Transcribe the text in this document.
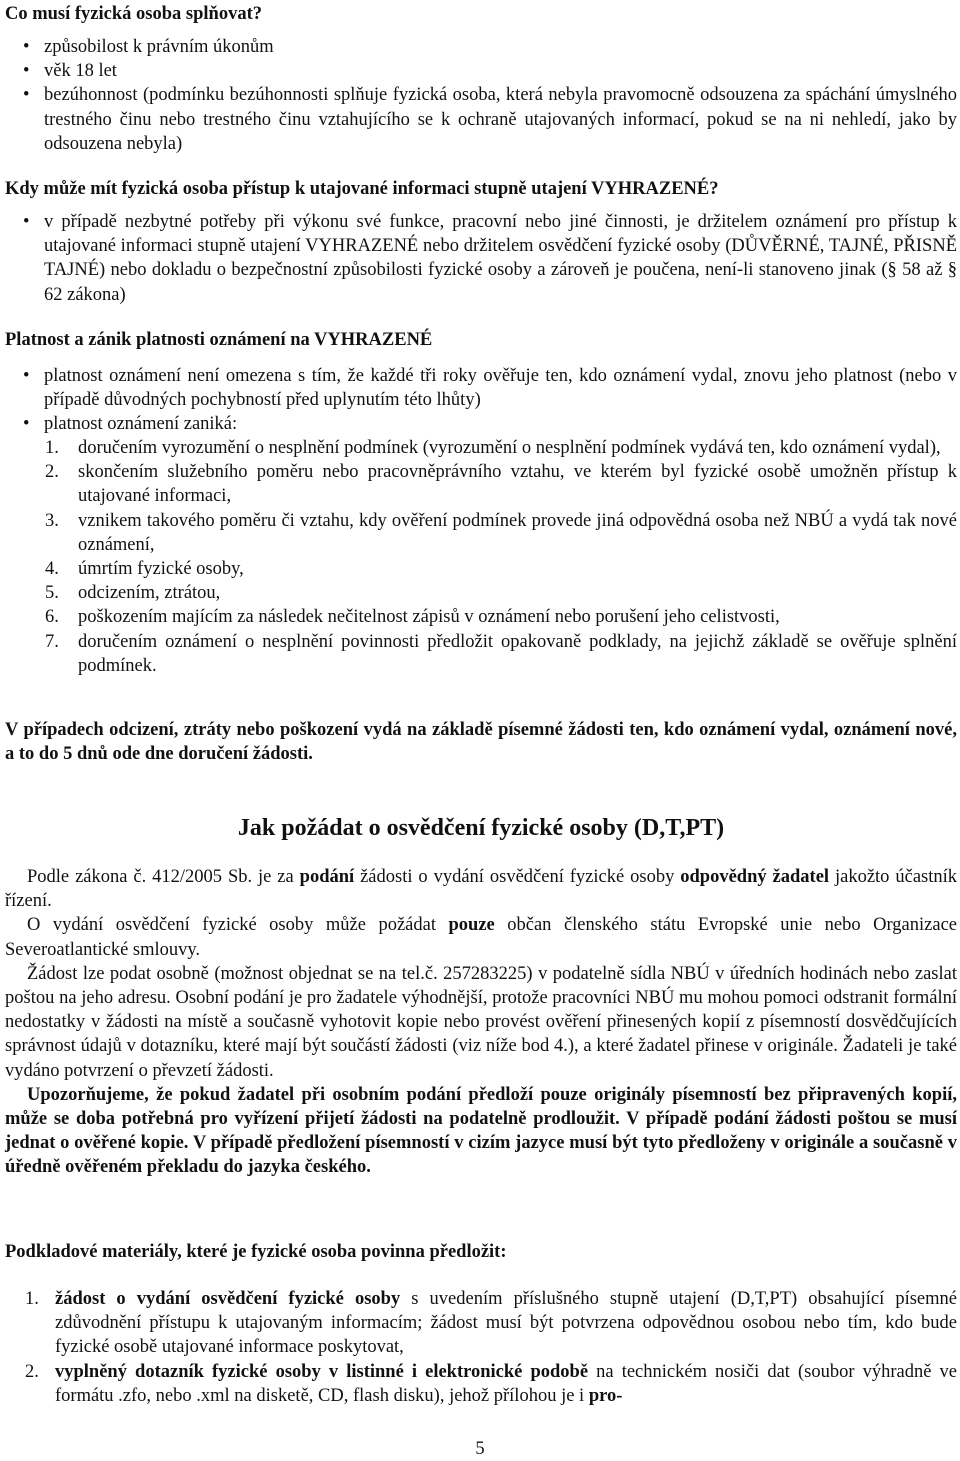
Co musí fyzická osoba splňovat?

• způsobilost k právním úkonům
• věk 18 let
• bezúhonnost (podmínku bezúhonnosti splňuje fyzická osoba, která nebyla pravomocně odsouzena za spáchání úmyslného trestného činu nebo trestného činu vztahujícího se k ochraně utajovaných informací, pokud se na ni nehledí, jako by odsouzena nebyla)

Kdy může mít fyzická osoba přístup k utajované informaci stupně utajení VYHRAZENÉ?

• v případě nezbytné potřeby při výkonu své funkce, pracovní nebo jiné činnosti, je držitelem oznámení pro přístup k utajované informaci stupně utajení VYHRAZENÉ nebo držitelem osvědčení fyzické osoby (DŮVĚRNÉ, TAJNÉ, PŘISNĚ TAJNÉ) nebo dokladu o bezpečnostní způsobilosti fyzické osoby a zároveň je poučena, není-li stanoveno jinak (§ 58 až § 62 zákona)

Platnost a zánik platnosti oznámení na VYHRAZENÉ

• platnost oznámení není omezena s tím, že každé tři roky ověřuje ten, kdo oznámení vydal, znovu jeho platnost (nebo v případě důvodných pochybností před uplynutím této lhůty)
• platnost oznámení zaniká:
1. doručením vyrozumění o nesplnění podmínek (vyrozumění o nesplnění podmínek vydává ten, kdo oznámení vydal),
2. skončením služebního poměru nebo pracovněprávního vztahu, ve kterém byl fyzické osobě umožněn přístup k utajované informaci,
3. vznikem takového poměru či vztahu, kdy ověření podmínek provede jiná odpovědná osoba než NBÚ a vydá tak nové oznámení,
4. úmrtím fyzické osoby,
5. odcizením, ztrátou,
6. poškozením majícím za následek nečitelnost zápisů v oznámení nebo porušení jeho celistvosti,
7. doručením oznámení o nesplnění povinnosti předložit opakovaně podklady, na jejichž základě se ověřuje splnění podmínek.

V případech odcizení, ztráty nebo poškození vydá na základě písemné žádosti ten, kdo oznámení vydal, oznámení nové, a to do 5 dnů ode dne doručení žádosti.

Jak požádat o osvědčení fyzické osoby (D,T,PT)

Podle zákona č. 412/2005 Sb. je za podání žádosti o vydání osvědčení fyzické osoby odpovědný žadatel jakožto účastník řízení.

O vydání osvědčení fyzické osoby může požádat pouze občan členského státu Evropské unie nebo Organizace Severoatlantické smlouvy.

Žádost lze podat osobně (možnost objednat se na tel.č. 257283225) v podatelně sídla NBÚ v úředních hodinách nebo zaslat poštou na jeho adresu. Osobní podání je pro žadatele výhodnější, protože pracovníci NBÚ mu mohou pomoci odstranit formální nedostatky v žádosti na místě a současně vyhotovit kopie nebo provést ověření přinesených kopií z písemností dosvědčujících správnost údajů v dotazníku, které mají být součástí žádosti (viz níže bod 4.), a které žadatel přinese v originále. Žadateli je také vydáno potvrzení o převzetí žádosti.

Upozorňujeme, že pokud žadatel při osobním podání předloží pouze originály písemností bez připravených kopií, může se doba potřebná pro vyřízení přijetí žádosti na podatelně prodloužit. V případě podání žádosti poštou se musí jednat o ověřené kopie. V případě předložení písemností v cizím jazyce musí být tyto předloženy v originále a současně v úředně ověřeném překladu do jazyka českého.

Podkladové materiály, které je fyzické osoba povinna předložit:

1. žádost o vydání osvědčení fyzické osoby s uvedením příslušného stupně utajení (D,T,PT) obsahující písemné zdůvodnění přístupu k utajovaným informacím; žádost musí být potvrzena odpovědnou osobou nebo tím, kdo bude fyzické osobě utajované informace poskytovat,
2. vyplněný dotazník fyzické osoby v listinné i elektronické podobě na technickém nosiči dat (soubor výhradně ve formátu .zfo, nebo .xml na disketě, CD, flash disku), jehož přílohou je i pro-
5
